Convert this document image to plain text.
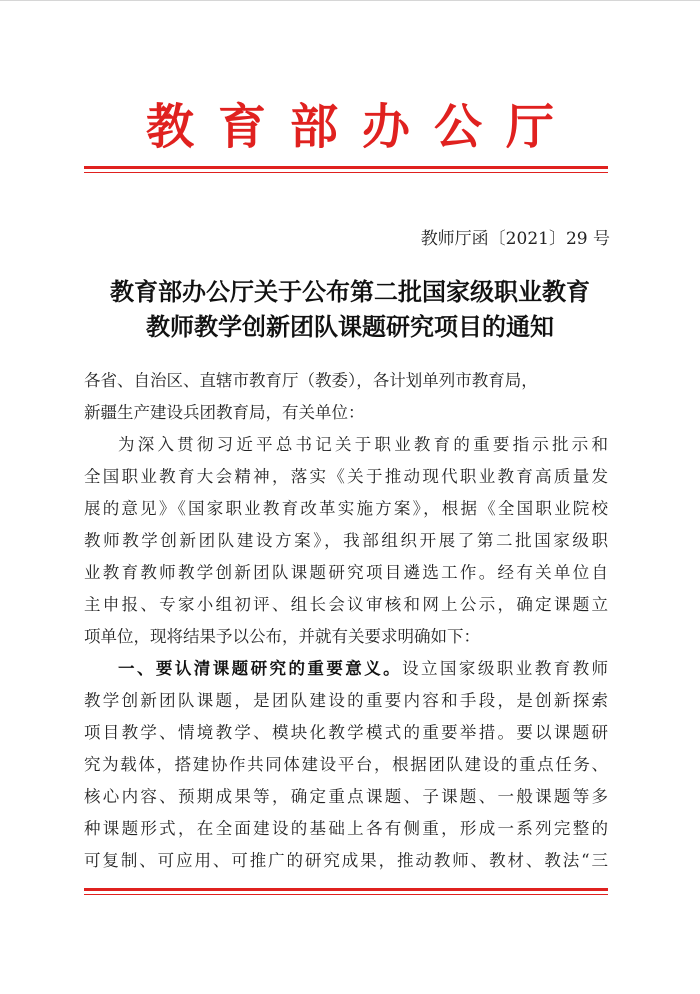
教育部办公厅
教师厅函〔2021〕29 号
教育部办公厅关于公布第二批国家级职业教育
教师教学创新团队课题研究项目的通知
各省、自治区、直辖市教育厅（教委），各计划单列市教育局，
新疆生产建设兵团教育局，有关单位：
为深入贯彻习近平总书记关于职业教育的重要指示批示和
全国职业教育大会精神，落实《关于推动现代职业教育高质量发
展的意见》《国家职业教育改革实施方案》，根据《全国职业院校
教师教学创新团队建设方案》，我部组织开展了第二批国家级职
业教育教师教学创新团队课题研究项目遴选工作。经有关单位自
主申报、专家小组初评、组长会议审核和网上公示，确定课题立
项单位，现将结果予以公布，并就有关要求明确如下：
一、要认清课题研究的重要意义。设立国家级职业教育教师
教学创新团队课题，是团队建设的重要内容和手段，是创新探索
项目教学、情境教学、模块化教学模式的重要举措。要以课题研
究为载体，搭建协作共同体建设平台，根据团队建设的重点任务、
核心内容、预期成果等，确定重点课题、子课题、一般课题等多
种课题形式，在全面建设的基础上各有侧重，形成一系列完整的
可复制、可应用、可推广的研究成果，推动教师、教材、教法“三
